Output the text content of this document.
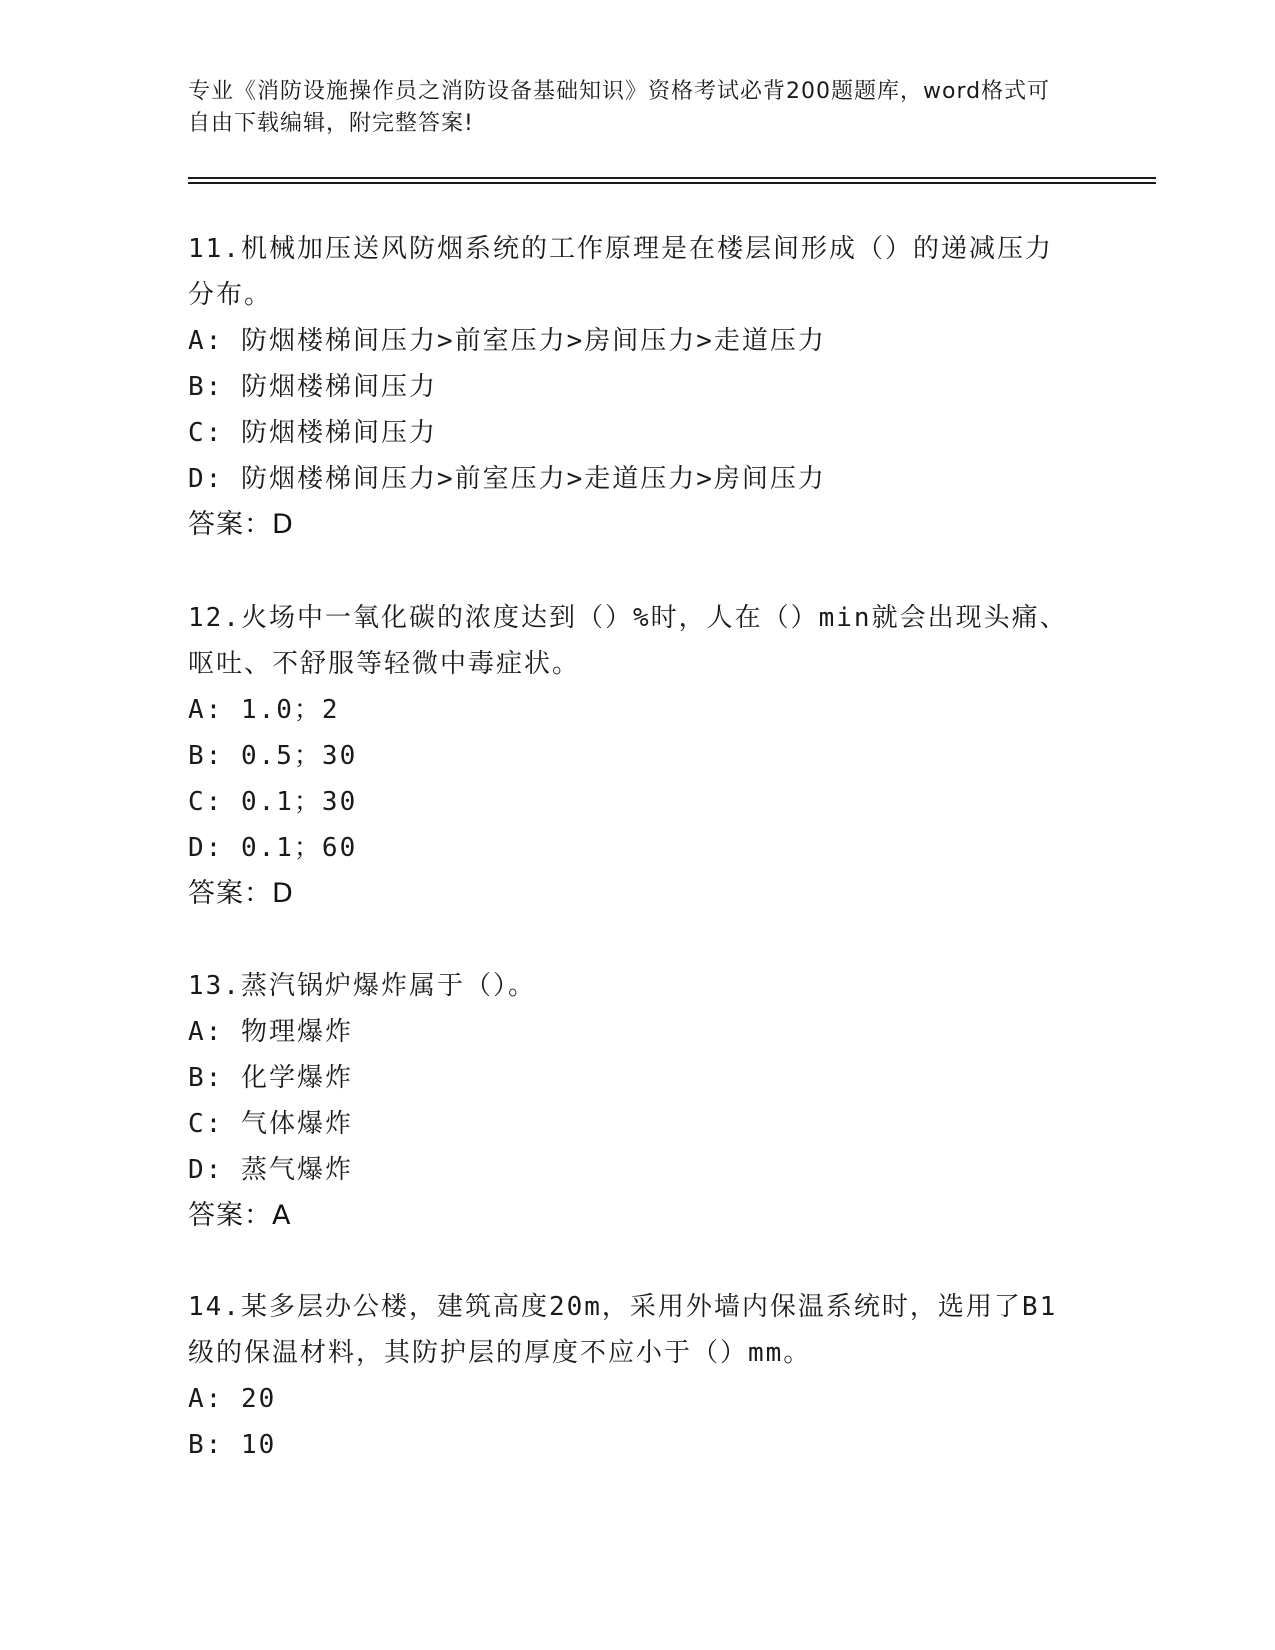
专业《消防设施操作员之消防设备基础知识》资格考试必背200题题库，word格式可自由下载编辑，附完整答案!

11.机械加压送风防烟系统的工作原理是在楼层间形成（）的递减压力分布。

A: 防烟楼梯间压力>前室压力>房间压力>走道压力

B: 防烟楼梯间压力

C: 防烟楼梯间压力

D: 防烟楼梯间压力>前室压力>走道压力>房间压力

答案：D

12.火场中一氧化碳的浓度达到（）%时，人在（）min就会出现头痛、呕吐、不舒服等轻微中毒症状。

A: 1.0；2

B: 0.5；30

C: 0.1；30

D: 0.1；60

答案：D

13.蒸汽锅炉爆炸属于（）。

A: 物理爆炸

B: 化学爆炸

C: 气体爆炸

D: 蒸气爆炸

答案：A

14.某多层办公楼，建筑高度20m，采用外墙内保温系统时，选用了B1级的保温材料，其防护层的厚度不应小于（）mm。

A: 20

B: 10
